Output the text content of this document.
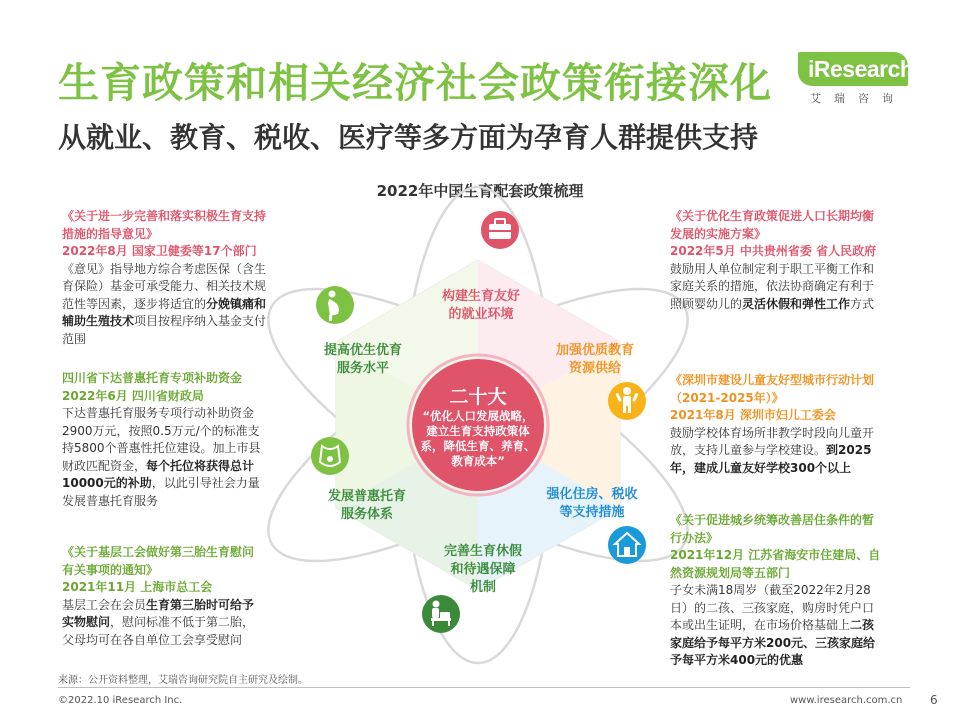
生育政策和相关经济社会政策衔接深化
从就业、教育、税收、医疗等多方面为孕育人群提供支持
iResearch
艾瑞咨询
2022年中国生育配套政策梳理
二十大
“优化人口发展战略，
建立生育支持政策体
系，降低生育、养育、
教育成本”
构建生育友好
的就业环境
加强优质教育
资源供给
强化住房、税收
等支持措施
完善生育休假
和待遇保障
机制
发展普惠托育
服务体系
提高优生优育
服务水平
《关于进一步完善和落实积极生育支持
措施的指导意见》
2022年8月 国家卫健委等17个部门
《意见》指导地方综合考虑医保（含生
育保险）基金可承受能力、相关技术规
范性等因素，逐步将适宜的分娩镇痛和
辅助生殖技术项目按程序纳入基金支付
范围
四川省下达普惠托育专项补助资金
2022年6月 四川省财政局
下达普惠托育服务专项行动补助资金
2900万元，按照0.5万元/个的标准支
持5800个普惠性托位建设。加上市县
财政匹配资金，每个托位将获得总计
10000元的补助，以此引导社会力量
发展普惠托育服务
《关于基层工会做好第三胎生育慰问
有关事项的通知》
2021年11月 上海市总工会
基层工会在会员生育第三胎时可给予
实物慰问，慰问标准不低于第二胎，
父母均可在各自单位工会享受慰问
《关于优化生育政策促进人口长期均衡
发展的实施方案》
2022年5月 中共贵州省委 省人民政府
鼓励用人单位制定利于职工平衡工作和
家庭关系的措施，依法协商确定有利于
照顾婴幼儿的灵活休假和弹性工作方式
《深圳市建设儿童友好型城市行动计划
（2021-2025年）》
2021年8月 深圳市妇儿工委会
鼓励学校体育场所非教学时段向儿童开
放，支持儿童参与学校建设。到2025
年，建成儿童友好学校300个以上
《关于促进城乡统筹改善居住条件的暂
行办法》
2021年12月 江苏省海安市住建局、自
然资源规划局等五部门
子女未满18周岁（截至2022年2月28
日）的二孩、三孩家庭，购房时凭户口
本或出生证明，在市场价格基础上二孩
家庭给予每平方米200元、三孩家庭给
予每平方米400元的优惠
来源：公开资料整理，艾瑞咨询研究院自主研究及绘制。
©2022.10 iResearch Inc.	www.iresearch.com.cn 6
